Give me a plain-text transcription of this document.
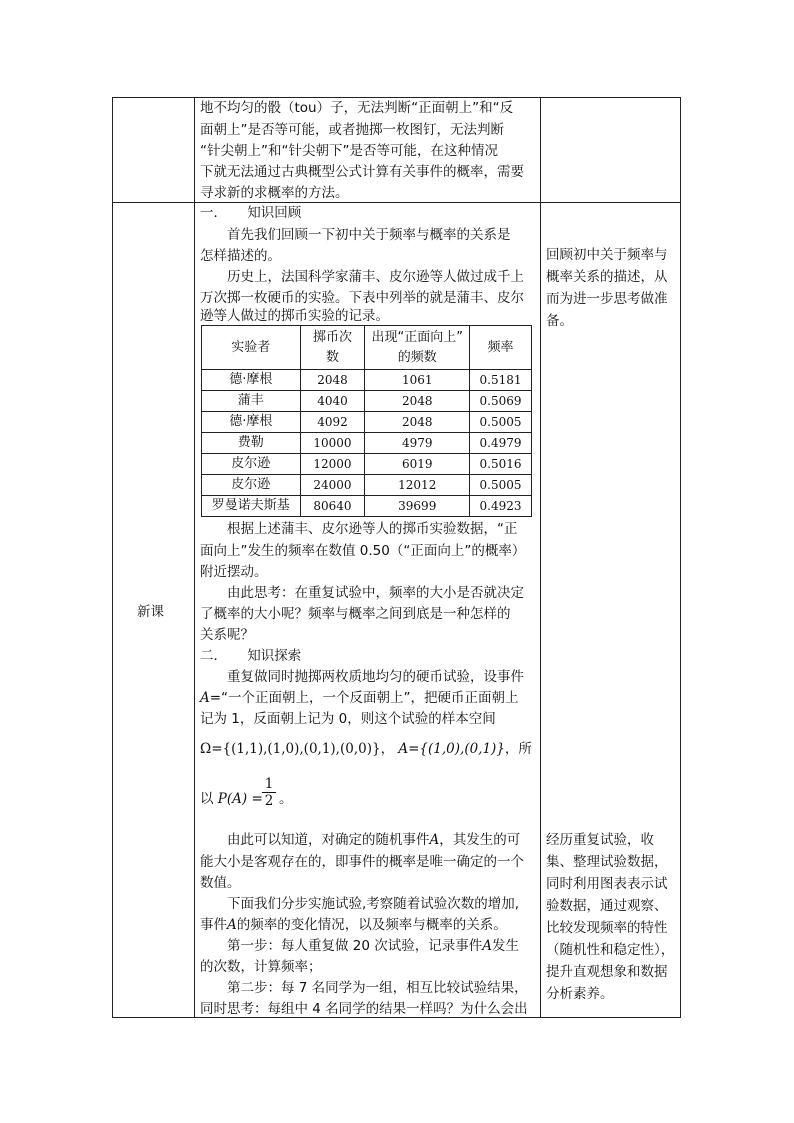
地不均匀的骰（tou）子，无法判断“正面朝上”和“反
面朝上”是否等可能，或者抛掷一枚图钉，无法判断
“针尖朝上”和“针尖朝下”是否等可能，在这种情况
下就无法通过古典概型公式计算有关事件的概率，需要
寻求新的求概率的方法。
新课
一．　　知识回顾
首先我们回顾一下初中关于频率与概率的关系是
怎样描述的。
历史上，法国科学家蒲丰、皮尔逊等人做过成千上
万次掷一枚硬币的实验。下表中列举的就是蒲丰、皮尔
逊等人做过的掷币实验的记录。
实验者	掷币次
数	出现“正面向上”
的频数	频率
德·摩根	2048	1061	0.5181
蒲丰	4040	2048	0.5069
德·摩根	4092	2048	0.5005
费勒	10000	4979	0.4979
皮尔逊	12000	6019	0.5016
皮尔逊	24000	12012	0.5005
罗曼诺夫斯基	80640	39699	0.4923
根据上述蒲丰、皮尔逊等人的掷币实验数据，“正
面向上”发生的频率在数值 0.50（“正面向上”的概率）
附近摆动。
由此思考：在重复试验中，频率的大小是否就决定
了概率的大小呢？频率与概率之间到底是一种怎样的
关系呢？
二．　　知识探索
重复做同时抛掷两枚质地均匀的硬币试验，设事件
A=“一个正面朝上，一个反面朝上”，把硬币正面朝上
记为 1，反面朝上记为 0，则这个试验的样本空间
Ω={(1,1),(1,0),(0,1),(0,0)}， A={(1,0),(0,1)}，所
以 P(A) =
1
2 。
由此可以知道，对确定的随机事件A，其发生的可
能大小是客观存在的，即事件的概率是唯一确定的一个
数值。
下面我们分步实施试验,考察随着试验次数的增加,
事件A的频率的变化情况，以及频率与概率的关系。
第一步：每人重复做 20 次试验，记录事件A发生
的次数，计算频率；
第二步：每 7 名同学为一组，相互比较试验结果，
同时思考：每组中 4 名同学的结果一样吗？为什么会出
回顾初中关于频率与概率关系的描述，从而为进一步思考做准备。
经历重复试验，收集、整理试验数据，同时利用图表表示试验数据，通过观察、比较发现频率的特性（随机性和稳定性），提升直观想象和数据分析素养。
